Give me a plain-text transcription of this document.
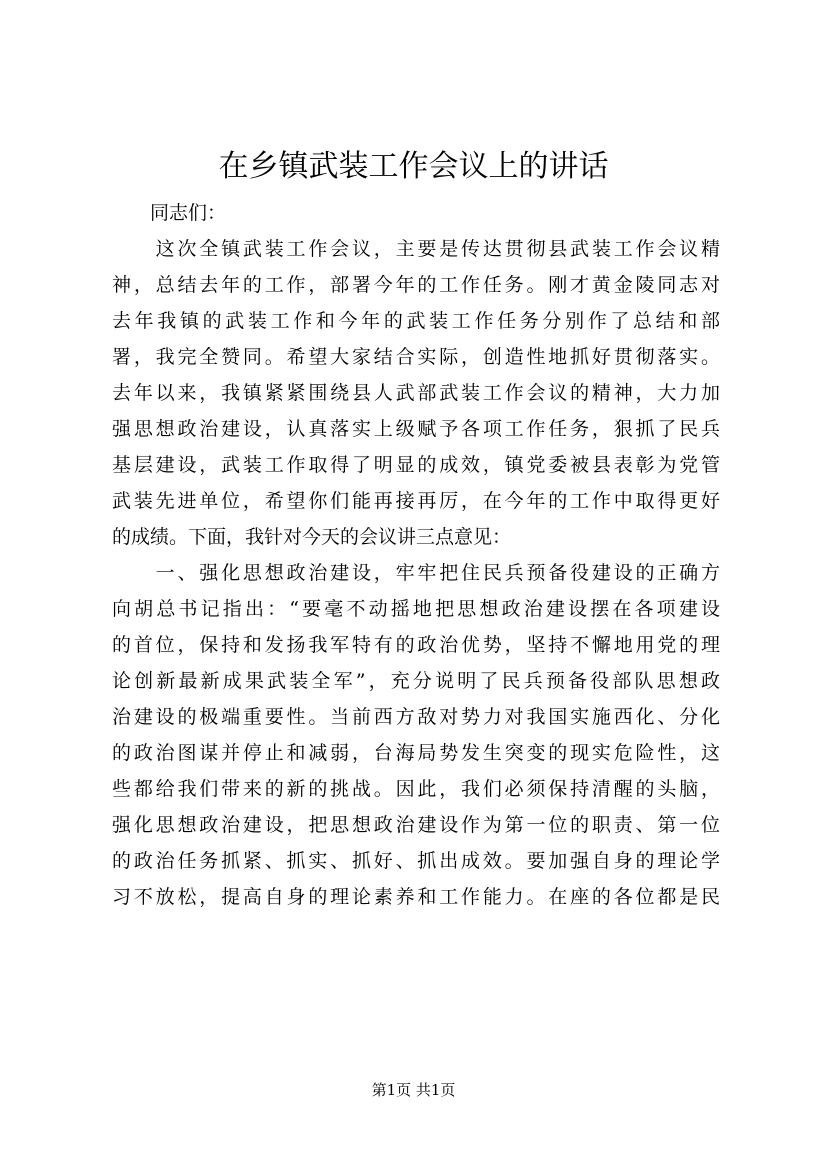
在乡镇武装工作会议上的讲话
　　同志们：
　　这次全镇武装工作会议，主要是传达贯彻县武装工作会议精
神，总结去年的工作，部署今年的工作任务。刚才黄金陵同志对
去年我镇的武装工作和今年的武装工作任务分别作了总结和部
署，我完全赞同。希望大家结合实际，创造性地抓好贯彻落实。
去年以来，我镇紧紧围绕县人武部武装工作会议的精神，大力加
强思想政治建设，认真落实上级赋予各项工作任务，狠抓了民兵
基层建设，武装工作取得了明显的成效，镇党委被县表彰为党管
武装先进单位，希望你们能再接再厉，在今年的工作中取得更好
的成绩。下面，我针对今天的会议讲三点意见：
　　一、强化思想政治建设，牢牢把住民兵预备役建设的正确方
向胡总书记指出：“要毫不动摇地把思想政治建设摆在各项建设
的首位，保持和发扬我军特有的政治优势，坚持不懈地用党的理
论创新最新成果武装全军”，充分说明了民兵预备役部队思想政
治建设的极端重要性。当前西方敌对势力对我国实施西化、分化
的政治图谋并停止和减弱，台海局势发生突变的现实危险性，这
些都给我们带来的新的挑战。因此，我们必须保持清醒的头脑，
强化思想政治建设，把思想政治建设作为第一位的职责、第一位
的政治任务抓紧、抓实、抓好、抓出成效。要加强自身的理论学
习不放松，提高自身的理论素养和工作能力。在座的各位都是民
第1页 共1页
